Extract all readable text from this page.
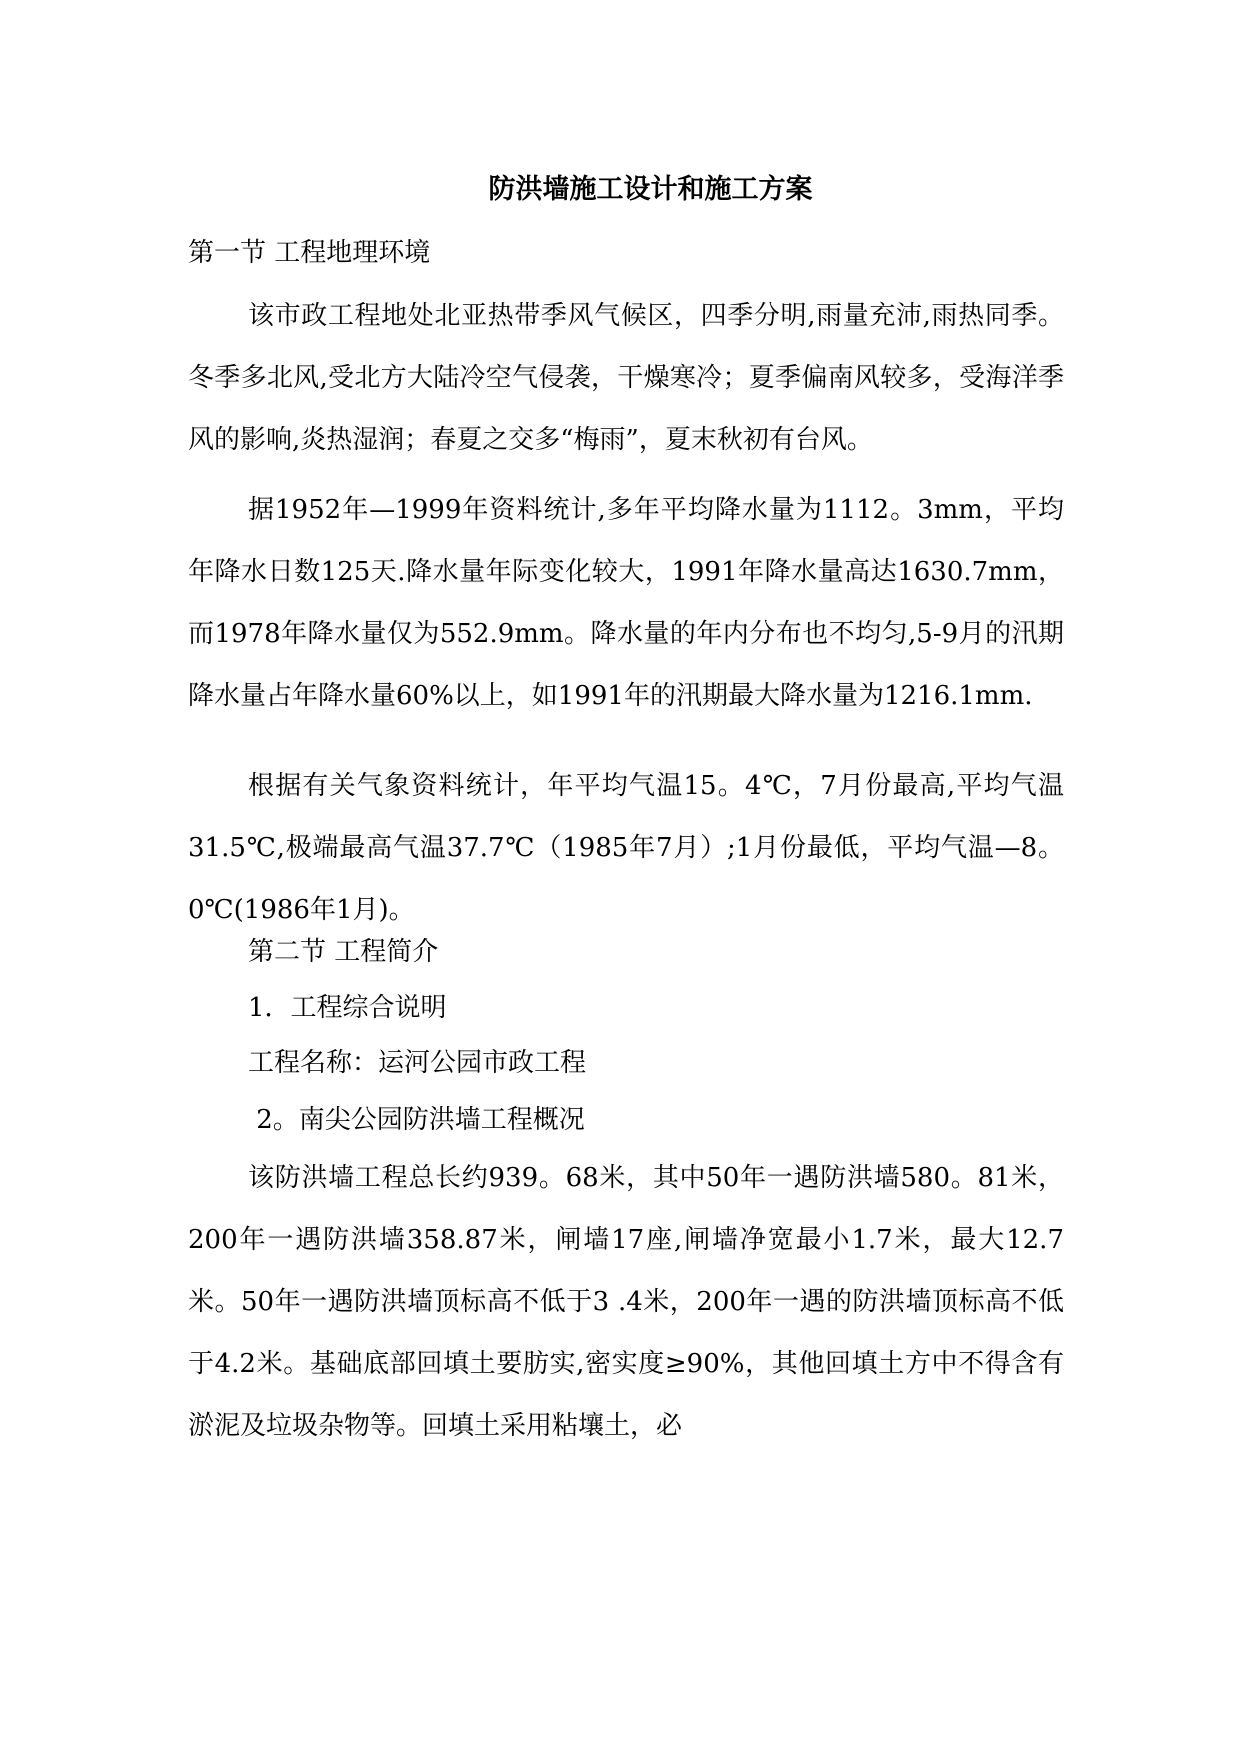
防洪墙施工设计和施工方案
第一节 工程地理环境
该市政工程地处北亚热带季风气候区，四季分明,雨量充沛,雨热同季。冬季多北风,受北方大陆冷空气侵袭，干燥寒冷；夏季偏南风较多，受海洋季风的影响,炎热湿润；春夏之交多“梅雨”，夏末秋初有台风。
据1952年—1999年资料统计,多年平均降水量为1112。3mm，平均年降水日数125天.降水量年际变化较大，1991年降水量高达1630.7mm，而1978年降水量仅为552.9mm。降水量的年内分布也不均匀,5-9月的汛期降水量占年降水量60%以上，如1991年的汛期最大降水量为1216.1mm.
根据有关气象资料统计，年平均气温15。4℃，7月份最高,平均气温31.5℃,极端最高气温37.7℃（1985年7月）;1月份最低，平均气温—8。0℃(1986年1月)。
第二节 工程简介
1．工程综合说明
工程名称：运河公园市政工程
2。南尖公园防洪墙工程概况
该防洪墙工程总长约939。68米，其中50年一遇防洪墙580。81米，200年一遇防洪墙358.87米，闸墙17座,闸墙净宽最小1.7米，最大12.7米。50年一遇防洪墙顶标高不低于3 .4米，200年一遇的防洪墙顶标高不低于4.2米。基础底部回填土要肪实,密实度≥90%，其他回填土方中不得含有淤泥及垃圾杂物等。回填土采用粘壤土，必
